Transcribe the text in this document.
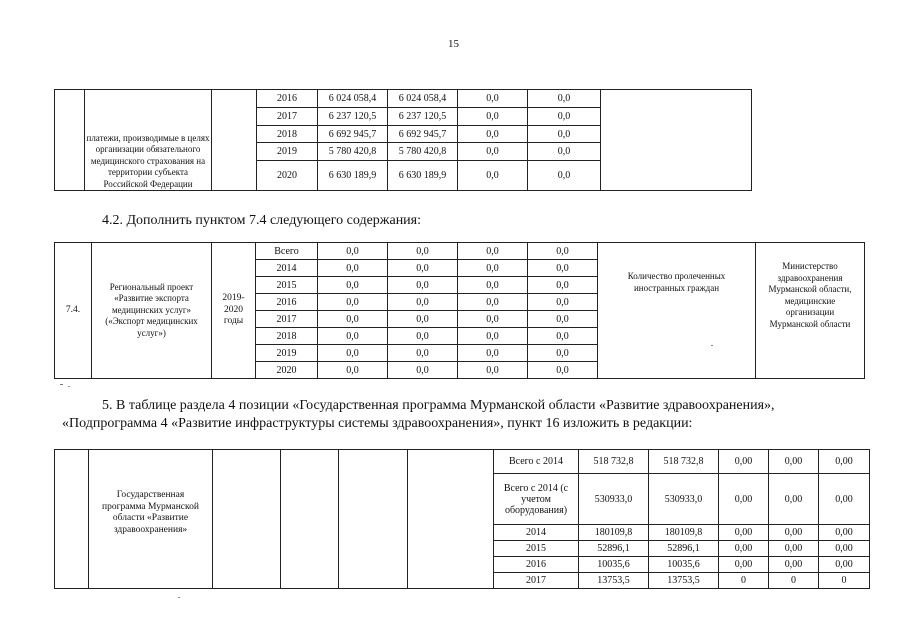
15
	платежи, производимые в целях организации обязательного медицинского страхования на территории субъекта Российской Федерации		2016	6 024 058,4	6 024 058,4	0,0	0,0	
			2017	6 237 120,5	6 237 120,5	0,0	0,0	
			2018	6 692 945,7	6 692 945,7	0,0	0,0	
			2019	5 780 420,8	5 780 420,8	0,0	0,0	
			2020	6 630 189,9	6 630 189,9	0,0	0,0	
4.2. Дополнить пунктом 7.4 следующего содержания:
7.4.	Региональный проект «Развитие экспорта медицинских услуг» («Экспорт медицинских услуг»)	2019-2020 годы	Всего	0,0	0,0	0,0	0,0	Количество пролеченных иностранных граждан	Министерство здравоохранения Мурманской области, медицинские организации Мурманской области

			2014	0,0	0,0	0,0	0,0		
			2015	0,0	0,0	0,0	0,0		
			2016	0,0	0,0	0,0	0,0		
			2017	0,0	0,0	0,0	0,0		
			2018	0,0	0,0	0,0	0,0		
			2019	0,0	0,0	0,0	0,0		
			2020	0,0	0,0	0,0	0,0		
5. В таблице раздела 4 позиции «Государственная программа Мурманской области «Развитие здравоохранения»,
«Подпрограмма 4 «Развитие инфраструктуры системы здравоохранения», пункт 16 изложить в редакции:

	Государственная программа Мурманской области «Развитие здравоохранения»					Всего с 2014	518 732,8	518 732,8	0,00	0,00	0,00
						Всего с 2014 (с учетом оборудования)	530933,0	530933,0	0,00	0,00	0,00
						2014	180109,8	180109,8	0,00	0,00	0,00
						2015	52896,1	52896,1	0,00	0,00	0,00
						2016	10035,6	10035,6	0,00	0,00	0,00
						2017	13753,5	13753,5	0	0	0
